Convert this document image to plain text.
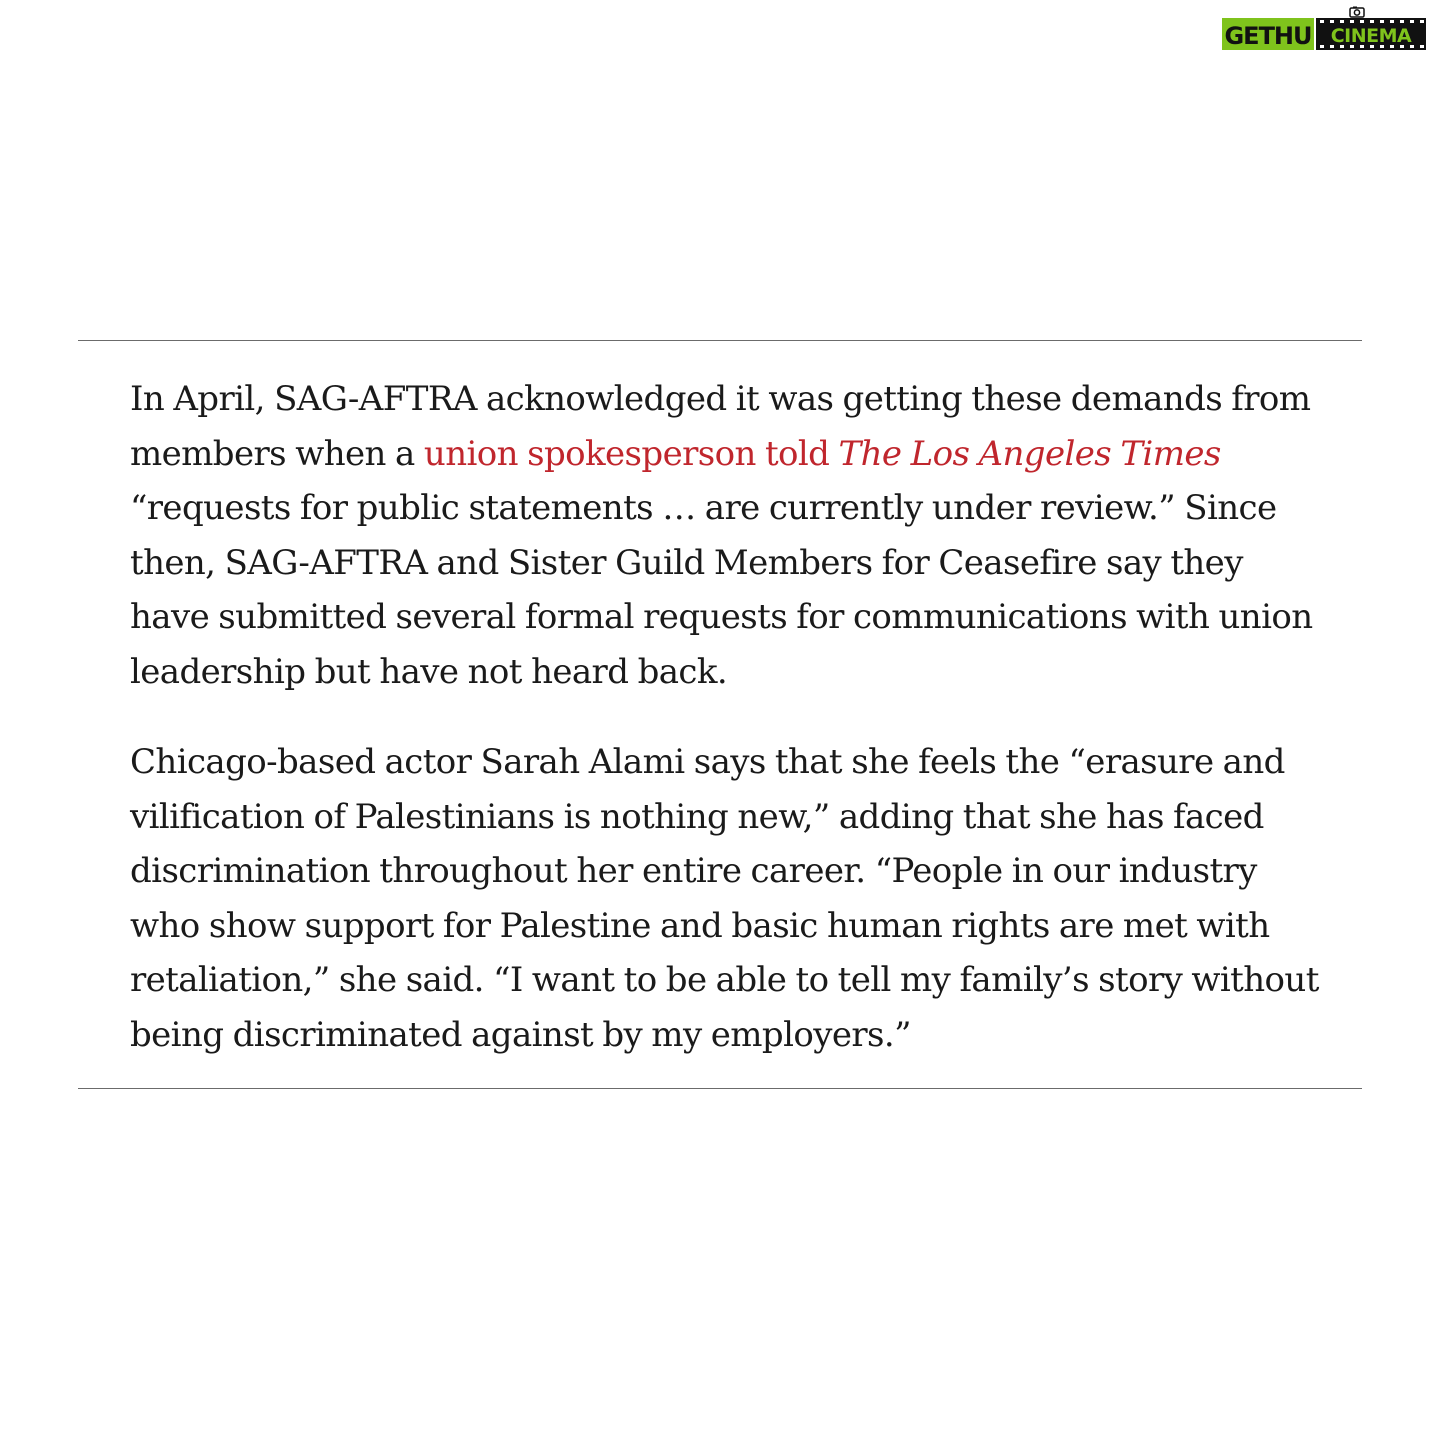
GETHU CINEMA

In April, SAG-AFTRA acknowledged it was getting these demands from members when a union spokesperson told The Los Angeles Times “requests for public statements … are currently under review.” Since then, SAG-AFTRA and Sister Guild Members for Ceasefire say they have submitted several formal requests for communications with union leadership but have not heard back.

Chicago-based actor Sarah Alami says that she feels the “erasure and vilification of Palestinians is nothing new,” adding that she has faced discrimination throughout her entire career. “People in our industry who show support for Palestine and basic human rights are met with retaliation,” she said. “I want to be able to tell my family’s story without being discriminated against by my employers.”
